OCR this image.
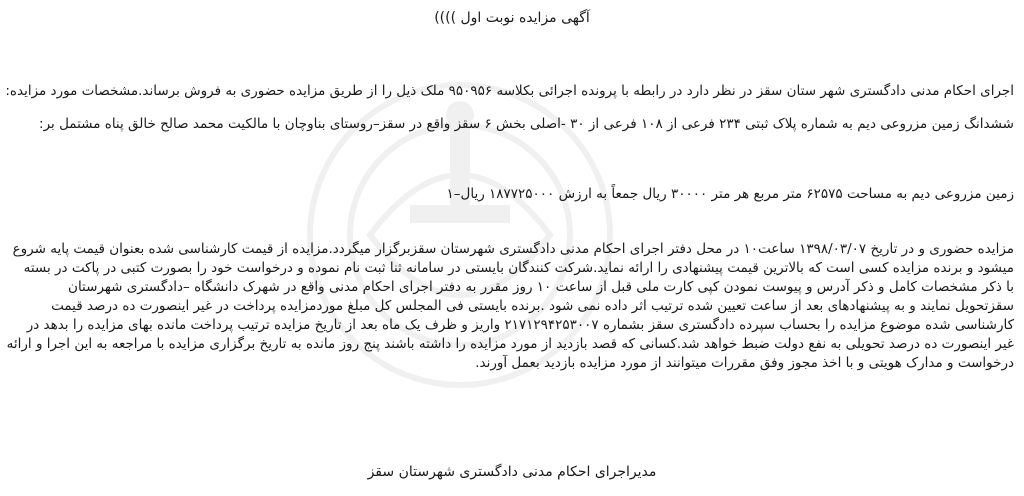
آگهی مزایده نوبت اول ))))
اجرای احکام مدنی دادگستری شهر ستان سقز در نظر دارد در رابطه با پرونده اجرائی بکلاسه ۹۵۰۹۵۶ ملک ذیل را از طریق مزایده حضوری به فروش برساند.مشخصات مورد مزایده:
ششدانگ زمین مزروعی دیم به شماره پلاک ثبتی ۲۳۴ فرعی از ۱۰۸ فرعی از ۳۰ -اصلی بخش ۶ سقز واقع در سقز–روستای بناوچان با مالکیت محمد صالح خالق پناه مشتمل بر:
زمین مزروعی دیم به مساحت ۶۲۵۷۵ متر مربع هر متر ۳۰۰۰۰ ریال جمعاً به ارزش ۱۸۷۷۲۵۰۰۰ ریال–۱
مزایده حضوری و در تاریخ ۱۳۹۸/۰۳/۰۷ ساعت۱۰ در محل دفتر اجرای احکام مدنی دادگستری شهرستان سقزبرگزار میگردد.مزایده از قیمت کارشناسی شده بعنوان قیمت پایه شروع
میشود و برنده مزایده کسی است که بالاترین قیمت پیشنهادی را ارائه نماید.شرکت کنندگان بایستی در سامانه ثنا ثبت نام نموده و درخواست خود را بصورت کتبی در پاکت در بسته
با ذکر مشخصات کامل و ذکر آدرس و پیوست نمودن کپی کارت ملی قبل از ساعت ۱۰ روز مقرر به دفتر اجرای احکام مدنی واقع در شهرک دانشگاه –دادگستری شهرستان
سقزتحویل نمایند و به پیشنهادهای بعد از ساعت تعیین شده ترتیب اثر داده نمی شود .برنده بایستی فی المجلس کل مبلغ موردمزایده پرداخت در غیر اینصورت ده درصد قیمت
کارشناسی شده موضوع مزایده را بحساب سپرده دادگستری سقز بشماره ۲۱۷۱۲۹۴۲۵۳۰۰۷ واریز و ظرف یک ماه بعد از تاریخ مزایده ترتیب پرداخت مانده بهای مزایده را بدهد در
غیر اینصورت ده درصد تحویلی به نفع دولت ضبط خواهد شد.کسانی که قصد بازدید از مورد مزایده را داشته باشند پنج روز مانده به تاریخ برگزاری مزایده با مراجعه به این اجرا و ارائه
درخواست و مدارک هویتی و با اخذ مجوز وفق مقررات میتوانند از مورد مزایده بازدید بعمل آورند.
مدیراجرای احکام مدنی دادگستری شهرستان سقز
